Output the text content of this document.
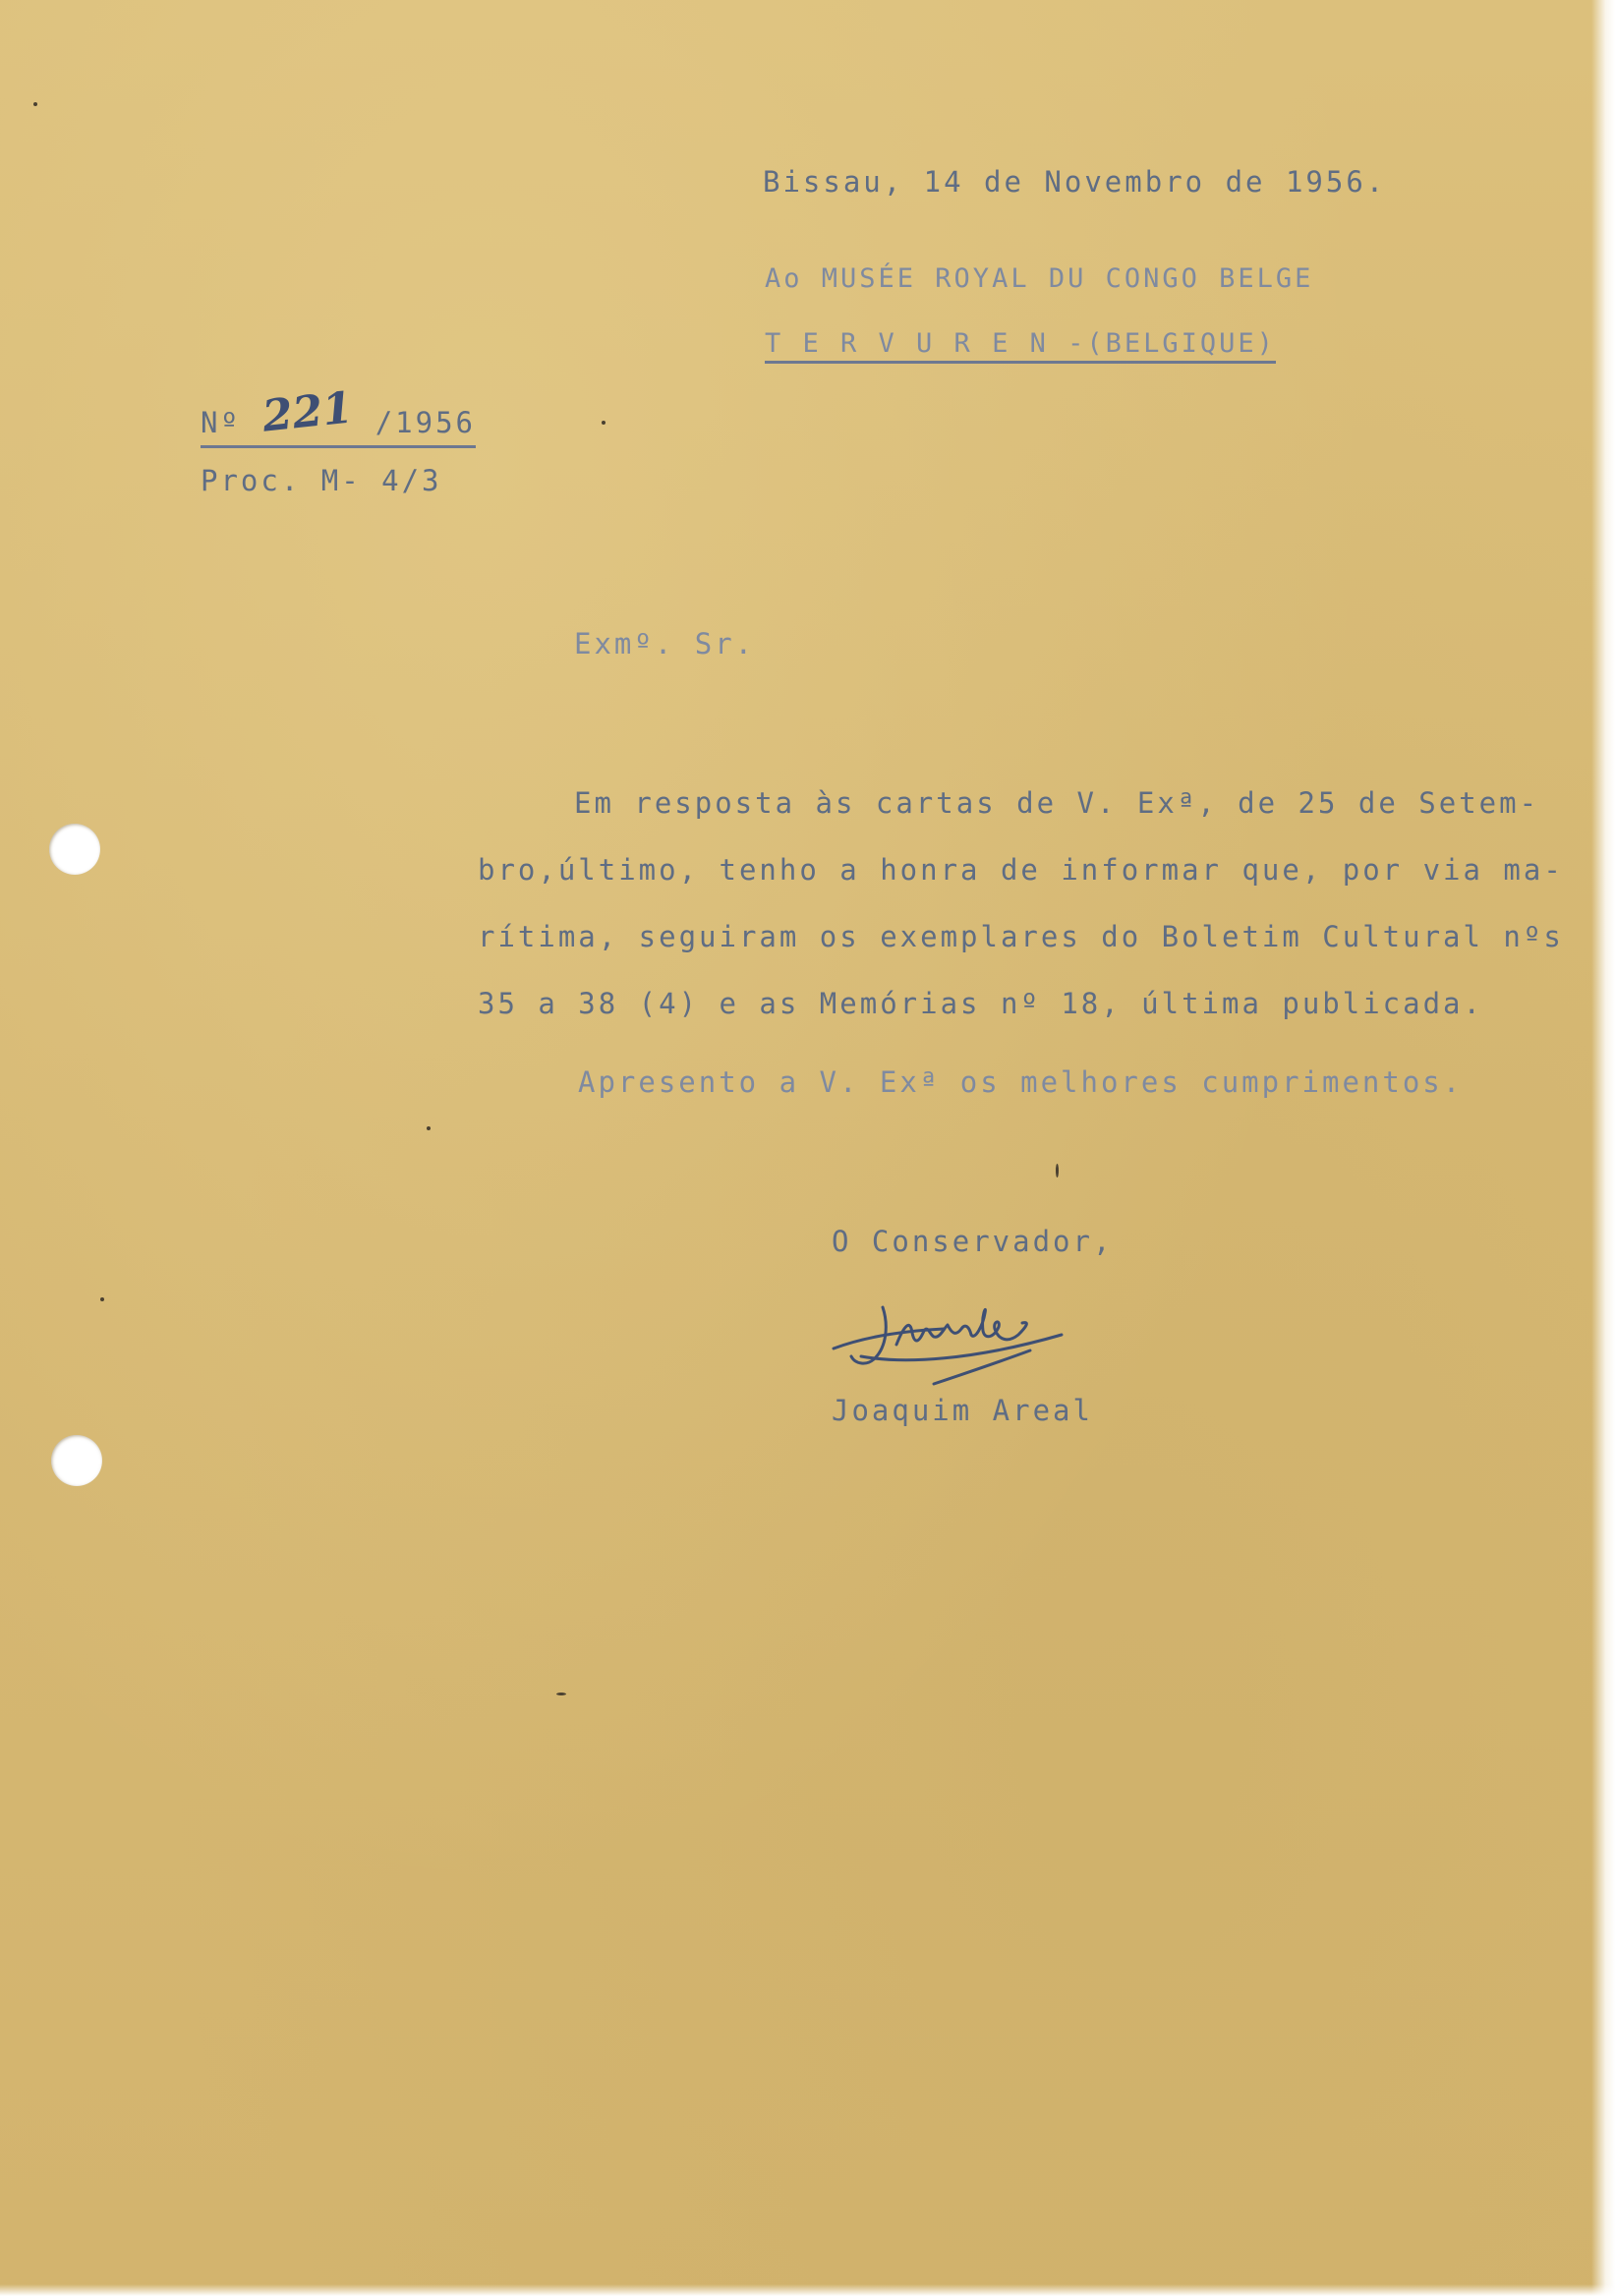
Bissau, 14 de Novembro de 1956.
Ao MUSÉE ROYAL DU CONGO BELGE
T E R V U R E N -(BELGIQUE)
Nº 221 /1956
Proc. M- 4/3
Exmº. Sr.
Em resposta às cartas de V. Exª, de 25 de Setem-
bro,último, tenho a honra de informar que, por via ma-
rítima, seguiram os exemplares do Boletim Cultural nºs
35 a 38 (4) e as Memórias nº 18, última publicada.
Apresento a V. Exª os melhores cumprimentos.
O Conservador,
Joaquim Areal
